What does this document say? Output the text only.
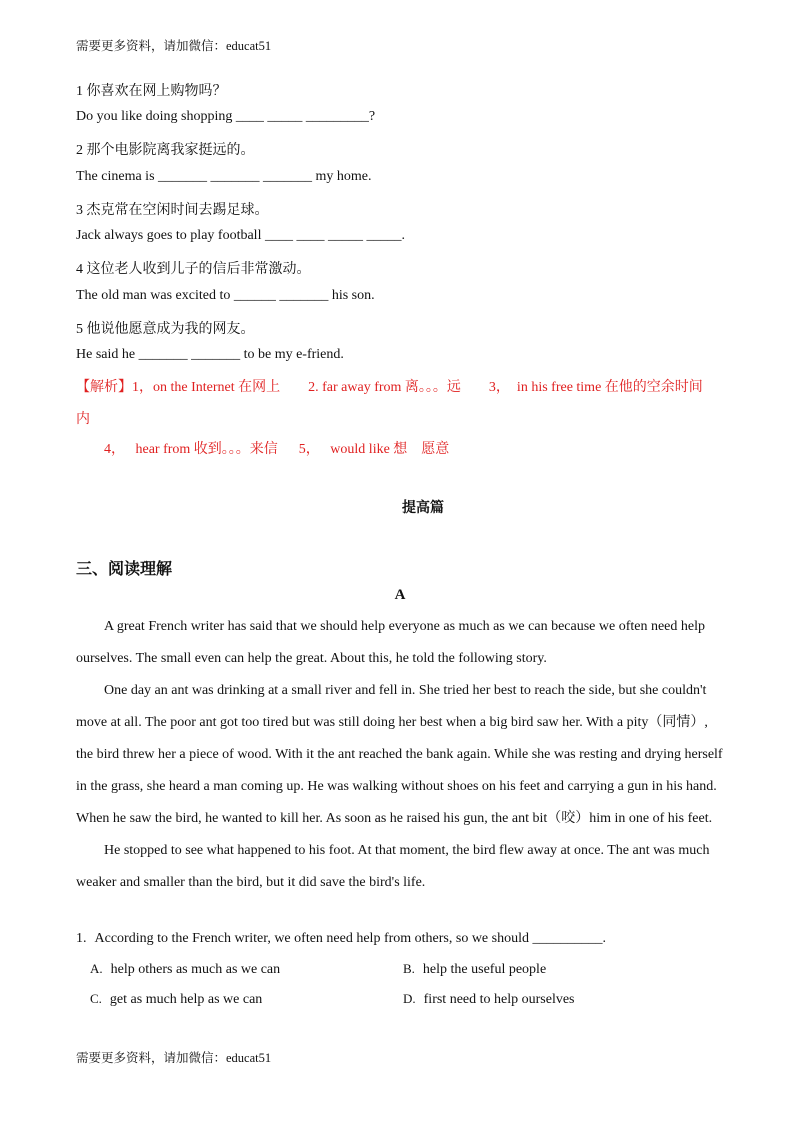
需要更多资料，请加微信：educat51
1 你喜欢在网上购物吗？
Do you like doing shopping ____ _____ _________?
2 那个电影院离我家挺远的。
The cinema is _______ _______ _______ my home.
3 杰克常在空闲时间去踢足球。
Jack always goes to play football ____ ____ _____ _____.
4 这位老人收到儿子的信后非常激动。
The old man was excited to ______ _______ his son.
5 他说他愿意成为我的网友。
He said he _______ _______ to be my e-friend.
【解析】1，on the Internet 在网上        2. far away from 离。。。远        3，  in his free time 在他的空余时间
内
4，   hear from 收到。。。来信      5，   would like 想    愿意
提高篇
三、阅读理解
A

A great French writer has said that we should help everyone as much as we can because we often need help ourselves. The small even can help the great. About this, he told the following story.

One day an ant was drinking at a small river and fell in. She tried her best to reach the side, but she couldn't move at all. The poor ant got too tired but was still doing her best when a big bird saw her. With a pity（同情）, the bird threw her a piece of wood. With it the ant reached the bank again. While she was resting and drying herself in the grass, she heard a man coming up. He was walking without shoes on his feet and carrying a gun in his hand. When he saw the bird, he wanted to kill her. As soon as he raised his gun, the ant bit（咬）him in one of his feet.

He stopped to see what happened to his foot. At that moment, the bird flew away at once. The ant was much weaker and smaller than the bird, but it did save the bird's life.

1. According to the French writer, we often need help from others, so we should __________.
A. help others as much as we can	B. help the useful people
C. get as much help as we can	D. first need to help ourselves
需要更多资料，请加微信：educat51
